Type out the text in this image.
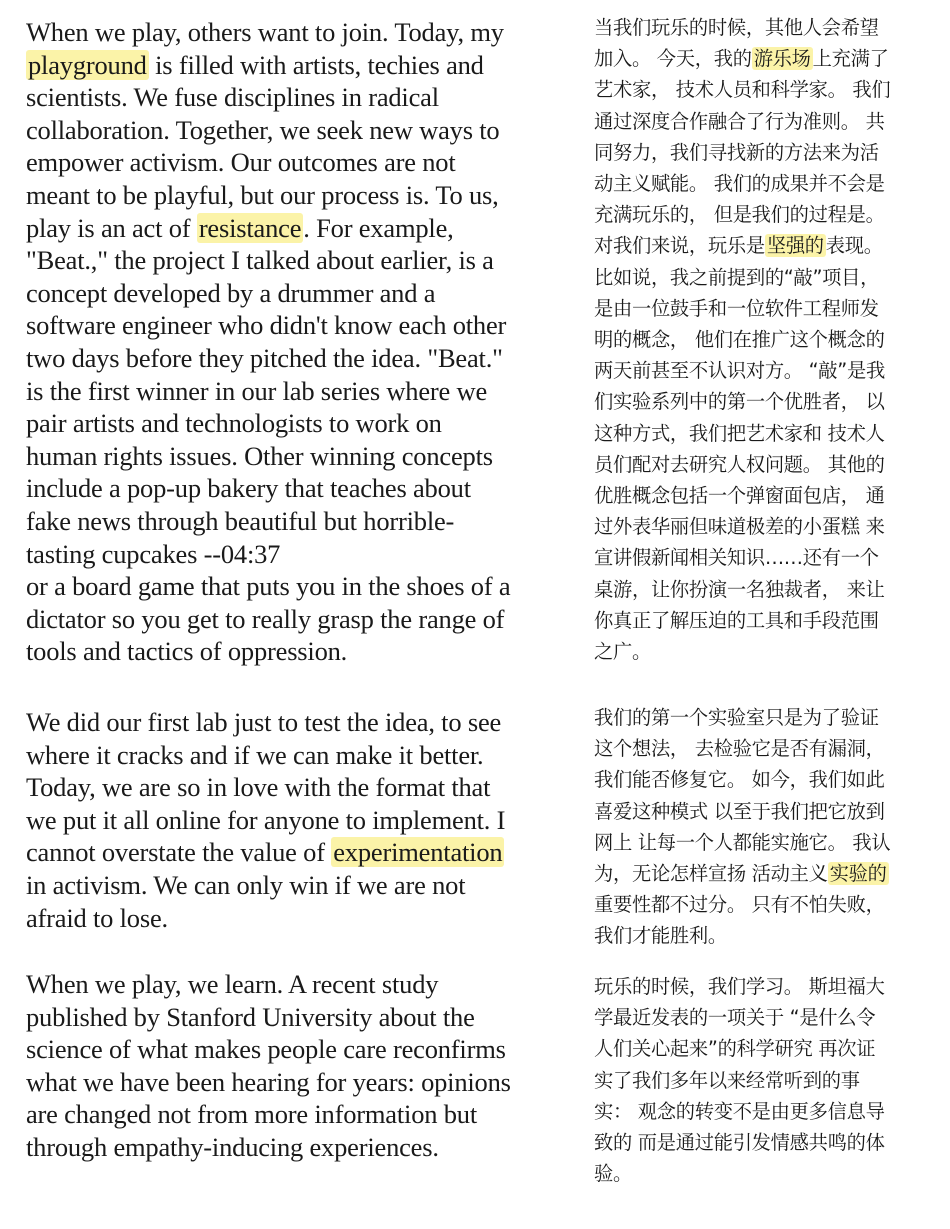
When we play, others want to join. Today, my
playground is filled with artists, techies and
scientists. We fuse disciplines in radical
collaboration. Together, we seek new ways to
empower activism. Our outcomes are not
meant to be playful, but our process is. To us,
play is an act of resistance. For example,
"Beat.," the project I talked about earlier, is a
concept developed by a drummer and a
software engineer who didn't know each other
two days before they pitched the idea. "Beat."
is the first winner in our lab series where we
pair artists and technologists to work on
human rights issues. Other winning concepts
include a pop-up bakery that teaches about
fake news through beautiful but horrible-
tasting cupcakes --04:37
or a board game that puts you in the shoes of a
dictator so you get to really grasp the range of
tools and tactics of oppression.
We did our first lab just to test the idea, to see
where it cracks and if we can make it better.
Today, we are so in love with the format that
we put it all online for anyone to implement. I
cannot overstate the value of experimentation
in activism. We can only win if we are not
afraid to lose.
When we play, we learn. A recent study
published by Stanford University about the
science of what makes people care reconfirms
what we have been hearing for years: opinions
are changed not from more information but
through empathy-inducing experiences.
当我们玩乐的时候，其他人会希望
加入。 今天，我的 游乐场 上充满了
艺术家， 技术人员和科学家。 我们
通过深度合作融合了行为准则。 共
同努力，我们寻找新的方法来为活
动主义赋能。 我们的成果并不会是
充满玩乐的， 但是我们的过程是。
对我们来说，玩乐是 坚强的 表现。
比如说，我之前提到的“敲”项目，
是由一位鼓手和一位软件工程师发
明的概念， 他们在推广这个概念的
两天前甚至不认识对方。 “敲”是我
们实验系列中的第一个优胜者， 以
这种方式，我们把艺术家和 技术人
员们配对去研究人权问题。 其他的
优胜概念包括一个弹窗面包店， 通
过外表华丽但味道极差的小蛋糕 来
宣讲假新闻相关知识……还有一个
桌游，让你扮演一名独裁者， 来让
你真正了解压迫的工具和手段范围
之广。
我们的第一个实验室只是为了验证
这个想法， 去检验它是否有漏洞，
我们能否修复它。 如今，我们如此
喜爱这种模式 以至于我们把它放到
网上 让每一个人都能实施它。 我认
为，无论怎样宣扬 活动主义 实验的
重要性都不过分。 只有不怕失败，
我们才能胜利。
玩乐的时候，我们学习。 斯坦福大
学最近发表的一项关于 “是什么令
人们关心起来”的科学研究 再次证
实了我们多年以来经常听到的事
实： 观念的转变不是由更多信息导
致的 而是通过能引发情感共鸣的体
验。
